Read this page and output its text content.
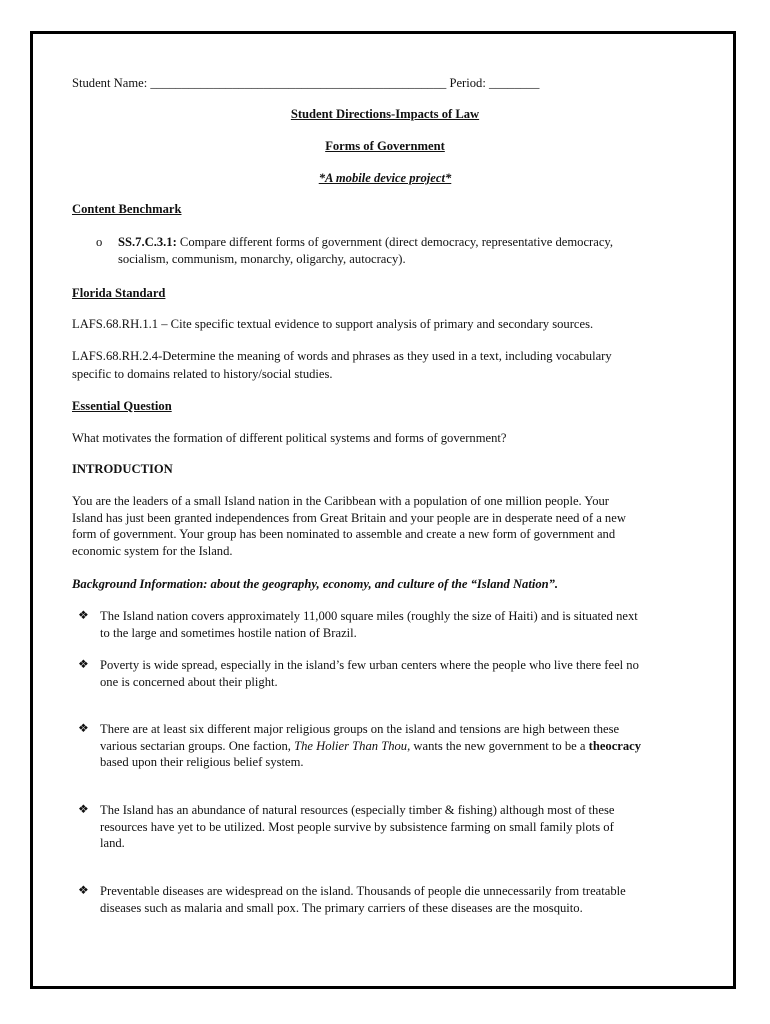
Student Name: _______________________________________________ Period: ________
Student Directions-Impacts of Law
Forms of Government
*A mobile device project*
Content Benchmark
o SS.7.C.3.1: Compare different forms of government (direct democracy, representative democracy,
socialism, communism, monarchy, oligarchy, autocracy).
Florida Standard
LAFS.68.RH.1.1 – Cite specific textual evidence to support analysis of primary and secondary sources.
LAFS.68.RH.2.4-Determine the meaning of words and phrases as they used in a text, including vocabulary
specific to domains related to history/social studies.
Essential Question
What motivates the formation of different political systems and forms of government?
INTRODUCTION
You are the leaders of a small Island nation in the Caribbean with a population of one million people. Your
Island has just been granted independences from Great Britain and your people are in desperate need of a new
form of government. Your group has been nominated to assemble and create a new form of government and
economic system for the Island.
Background Information: about the geography, economy, and culture of the “Island Nation”.
❖ The Island nation covers approximately 11,000 square miles (roughly the size of Haiti) and is situated next
to the large and sometimes hostile nation of Brazil.
❖ Poverty is wide spread, especially in the island’s few urban centers where the people who live there feel no
one is concerned about their plight.
❖ There are at least six different major religious groups on the island and tensions are high between these
various sectarian groups. One faction, The Holier Than Thou, wants the new government to be a theocracy
based upon their religious belief system.
❖ The Island has an abundance of natural resources (especially timber & fishing) although most of these
resources have yet to be utilized. Most people survive by subsistence farming on small family plots of
land.
❖ Preventable diseases are widespread on the island. Thousands of people die unnecessarily from treatable
diseases such as malaria and small pox. The primary carriers of these diseases are the mosquito.
